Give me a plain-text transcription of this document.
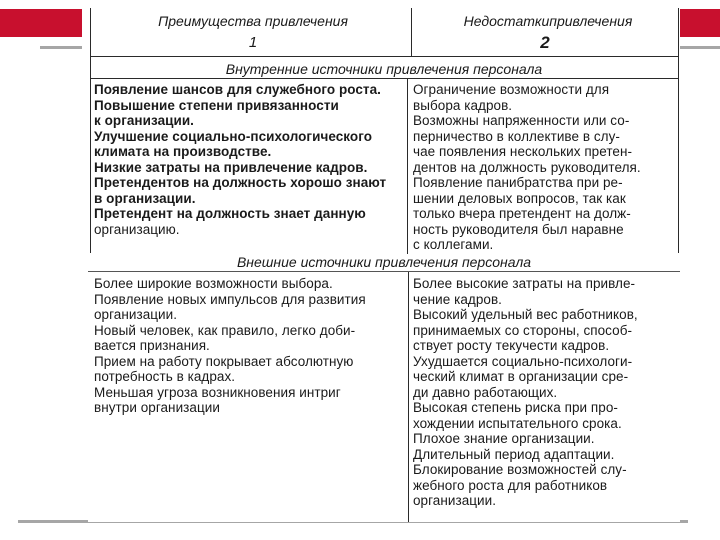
Преимущества привлечения
1
Недостаткипривлечения
2
Внутренние источники привлечения персонала
Появление шансов для служебного роста.
Повышение степени привязанности
к организации.
Улучшение социально-психологического
климата на производстве.
Низкие затраты на привлечение кадров.
Претендентов на должность хорошо знают
в организации.
Претендент на должность знает данную
организацию.
Ограничение возможности для
выбора кадров.
Возможны напряженности или со-
перничество в коллективе в слу-
чае появления нескольких претен-
дентов на должность руководителя.
Появление панибратства при ре-
шении деловых вопросов, так как
только вчера претендент на долж-
ность руководителя был наравне
с коллегами.
Внешние источники привлечения персонала
Более широкие возможности выбора.
Появление новых импульсов для развития
организации.
Новый человек, как правило, легко доби-
вается признания.
Прием на работу покрывает абсолютную
потребность в кадрах.
Меньшая угроза возникновения интриг
внутри организации
Более высокие затраты на привле-
чение кадров.
Высокий удельный вес работников,
принимаемых со стороны, способ-
ствует росту текучести кадров.
Ухудшается социально-психологи-
ческий климат в организации сре-
ди давно работающих.
Высокая степень риска при про-
хождении испытательного срока.
Плохое знание организации.
Длительный период адаптации.
Блокирование возможностей слу-
жебного роста для работников
организации.
